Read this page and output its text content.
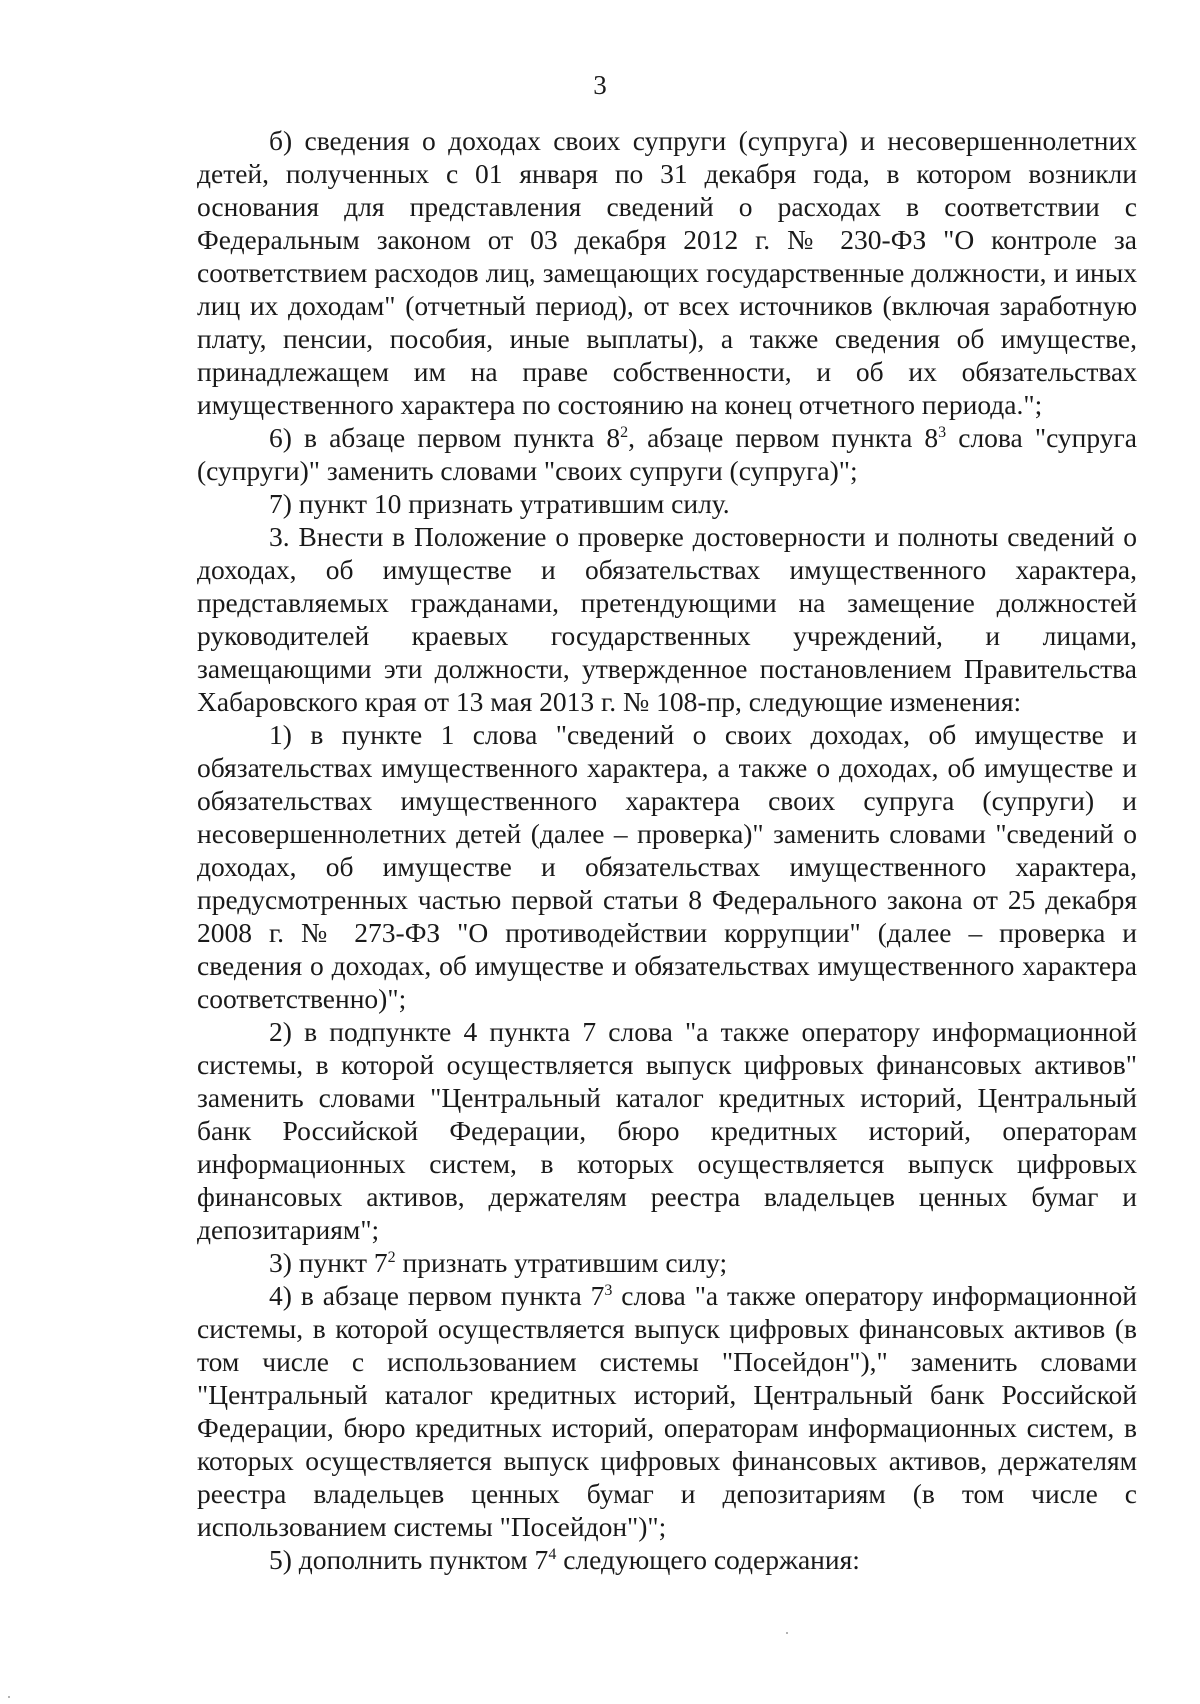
3

б) сведения о доходах своих супруги (супруга) и несовершеннолетних детей, полученных с 01 января по 31 декабря года, в котором возникли основания для представления сведений о расходах в соответствии с Федеральным законом от 03 декабря 2012 г. № 230-ФЗ "О контроле за соответствием расходов лиц, замещающих государственные должности, и иных лиц их доходам" (отчетный период), от всех источников (включая заработную плату, пенсии, пособия, иные выплаты), а также сведения об имуществе, принадлежащем им на праве собственности, и об их обязательствах имущественного характера по состоянию на конец отчетного периода.";

6) в абзаце первом пункта $8^2$, абзаце первом пункта $8^3$ слова "супруга (супруги)" заменить словами "своих супруги (супруга)";

7) пункт 10 признать утратившим силу.

3. Внести в Положение о проверке достоверности и полноты сведений о доходах, об имуществе и обязательствах имущественного характера, представляемых гражданами, претендующими на замещение должностей руководителей краевых государственных учреждений, и лицами, замещающими эти должности, утвержденное постановлением Правительства Хабаровского края от 13 мая 2013 г. № 108-пр, следующие изменения:

1) в пункте 1 слова "сведений о своих доходах, об имуществе и обязательствах имущественного характера, а также о доходах, об имуществе и обязательствах имущественного характера своих супруга (супруги) и несовершеннолетних детей (далее – проверка)" заменить словами "сведений о доходах, об имуществе и обязательствах имущественного характера, предусмотренных частью первой статьи 8 Федерального закона от 25 декабря 2008 г. № 273-ФЗ "О противодействии коррупции" (далее – проверка и сведения о доходах, об имуществе и обязательствах имущественного характера соответственно)";

2) в подпункте 4 пункта 7 слова "а также оператору информационной системы, в которой осуществляется выпуск цифровых финансовых активов" заменить словами "Центральный каталог кредитных историй, Центральный банк Российской Федерации, бюро кредитных историй, операторам информационных систем, в которых осуществляется выпуск цифровых финансовых активов, держателям реестра владельцев ценных бумаг и депозитариям";

3) пункт $7^2$ признать утратившим силу;

4) в абзаце первом пункта $7^3$ слова "а также оператору информационной системы, в которой осуществляется выпуск цифровых финансовых активов (в том числе с использованием системы "Посейдон")," заменить словами "Центральный каталог кредитных историй, Центральный банк Российской Федерации, бюро кредитных историй, операторам информационных систем, в которых осуществляется выпуск цифровых финансовых активов, держателям реестра владельцев ценных бумаг и депозитариям (в том числе с использованием системы "Посейдон")";

5) дополнить пунктом $7^4$ следующего содержания:
